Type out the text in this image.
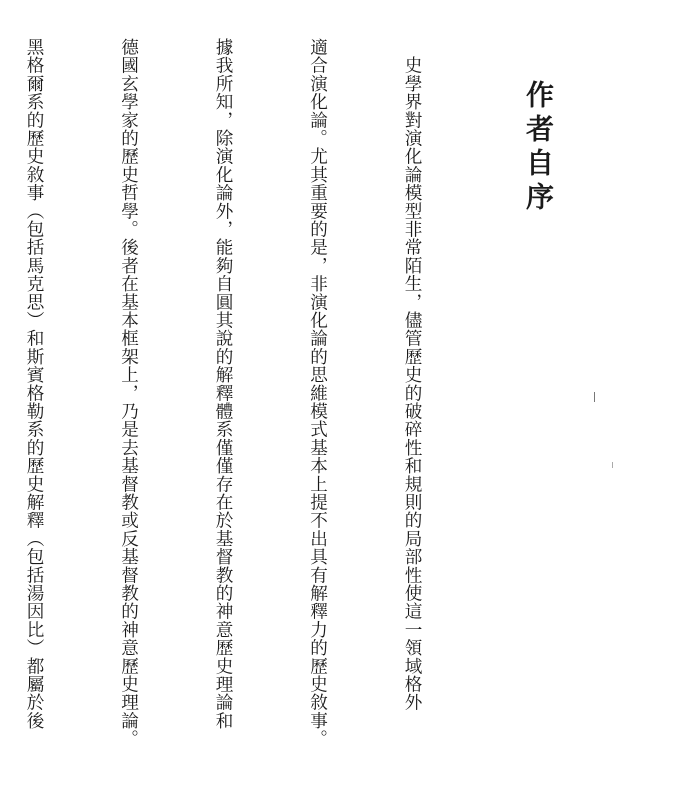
作者自序

　史學界對演化論模型非常陌生，儘管歷史的破碎性和規則的局部性使這一領域格外

適合演化論。尤其重要的是，非演化論的思維模式基本上提不出具有解釋力的歷史敘事。

據我所知，除演化論外，能夠自圓其說的解釋體系僅僅存在於基督教的神意歷史理論和

德國玄學家的歷史哲學。後者在基本框架上，乃是去基督教或反基督教的神意歷史理論。

黑格爾系的歷史敘事（包括馬克思）和斯賓格勒系的歷史解釋（包括湯因比）都屬於後
